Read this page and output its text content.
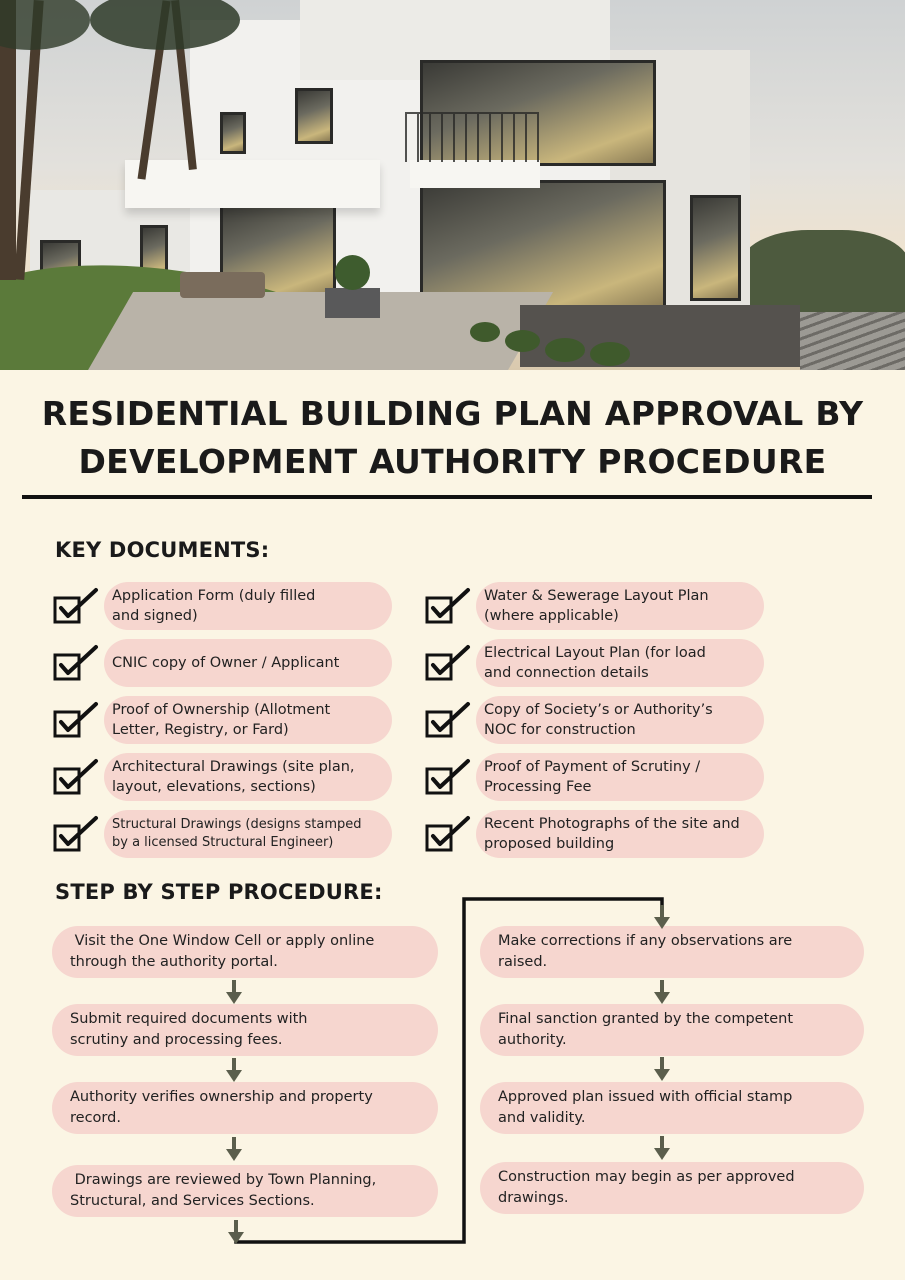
RESIDENTIAL BUILDING PLAN APPROVAL BY
DEVELOPMENT AUTHORITY PROCEDURE
KEY DOCUMENTS:
Application Form (duly filled
and signed)
CNIC copy of Owner / Applicant
Proof of Ownership (Allotment
Letter, Registry, or Fard)
Architectural Drawings (site plan,
layout, elevations, sections)
Structural Drawings (designs stamped
by a licensed Structural Engineer)
Water & Sewerage Layout Plan
(where applicable)
Electrical Layout Plan (for load
and connection details
Copy of Society’s or Authority’s
NOC for construction
Proof of Payment of Scrutiny /
Processing Fee
Recent Photographs of the site and
proposed building
STEP BY STEP PROCEDURE:
Visit the One Window Cell or apply online
through the authority portal.
Submit required documents with
scrutiny and processing fees.
Authority verifies ownership and property
record.
Drawings are reviewed by Town Planning,
Structural, and Services Sections.
Make corrections if any observations are
raised.
Final sanction granted by the competent
authority.
Approved plan issued with official stamp
and validity.
Construction may begin as per approved
drawings.
